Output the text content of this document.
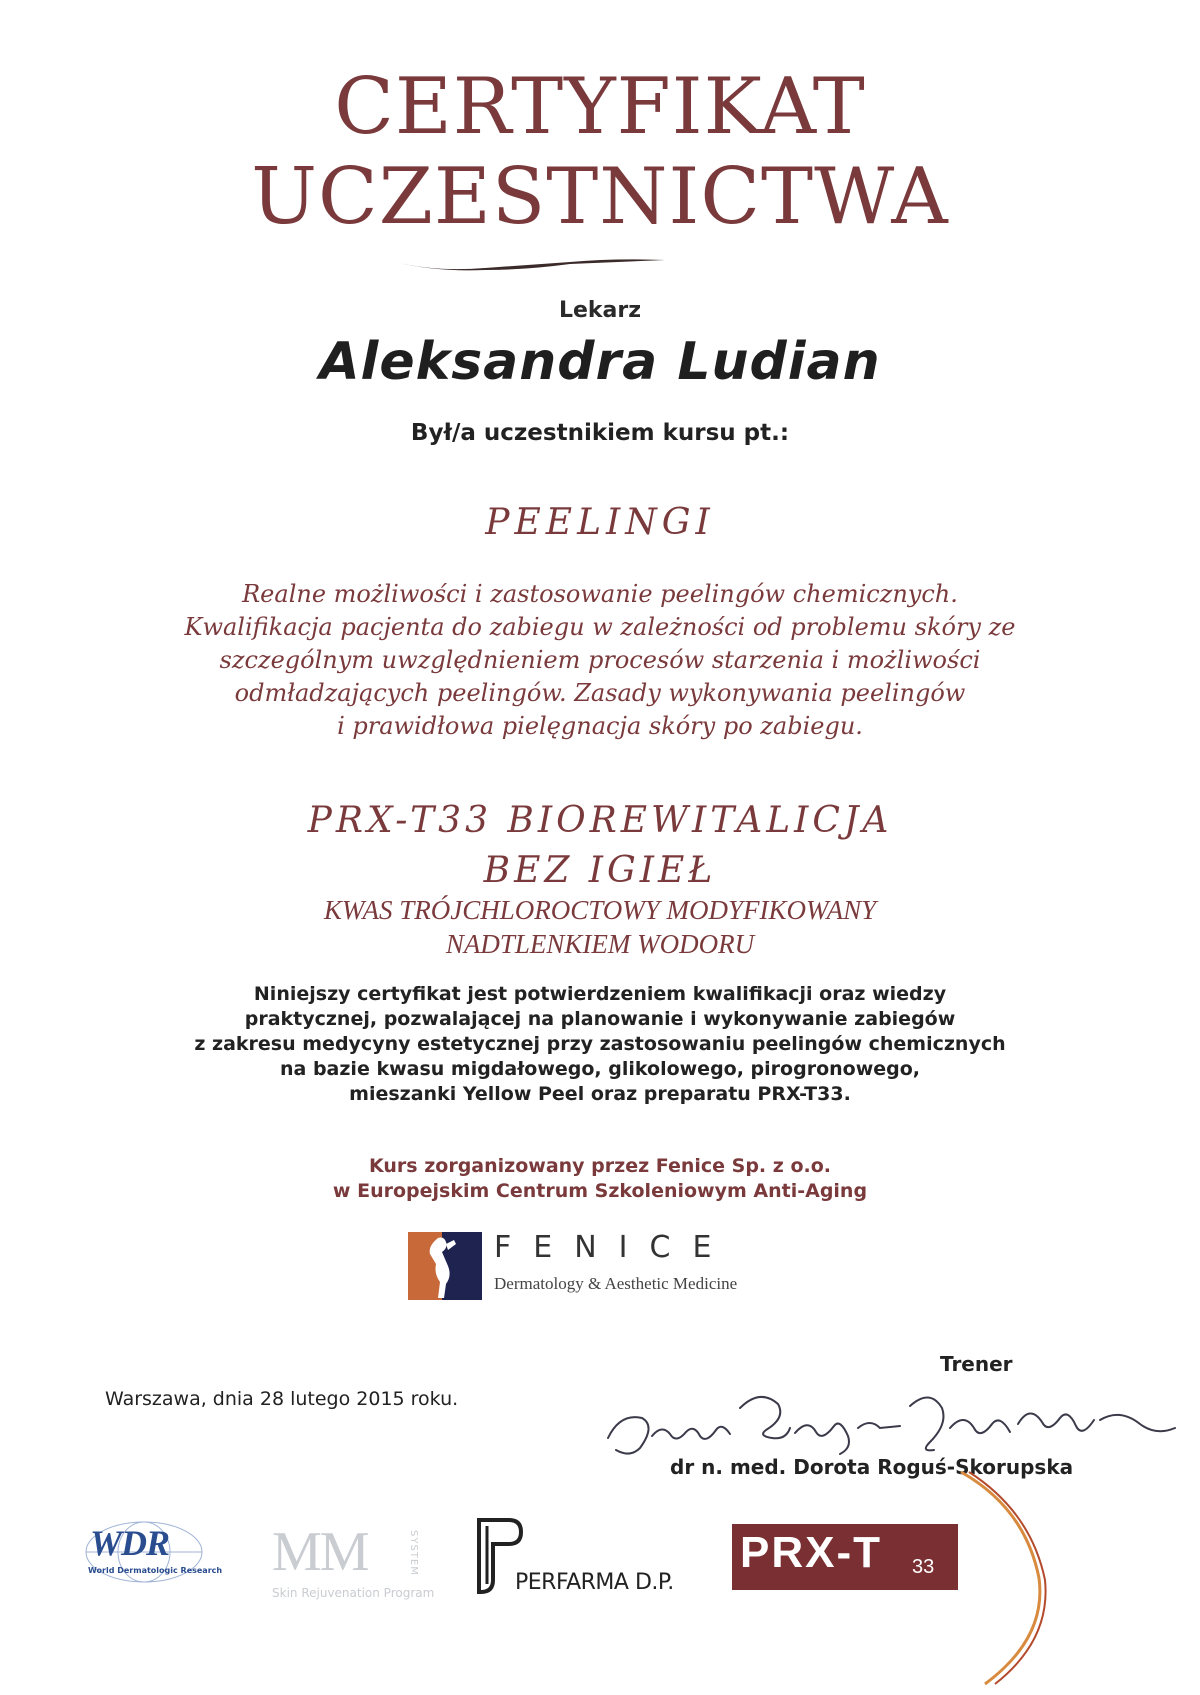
CERTYFIKAT
UCZESTNICTWA
Lekarz
Aleksandra Ludian
Był/a uczestnikiem kursu pt.:
PEELINGI
Realne możliwości i zastosowanie peelingów chemicznych.
Kwalifikacja pacjenta do zabiegu w zależności od problemu skóry ze
szczególnym uwzględnieniem procesów starzenia i możliwości
odmładzających peelingów. Zasady wykonywania peelingów
i prawidłowa pielęgnacja skóry po zabiegu.
PRX-T33 BIOREWITALICJA
BEZ IGIEŁ
KWAS TRÓJCHLOROCTOWY MODYFIKOWANY
NADTLENKIEM WODORU
Niniejszy certyfikat jest potwierdzeniem kwalifikacji oraz wiedzy
praktycznej, pozwalającej na planowanie i wykonywanie zabiegów
z zakresu medycyny estetycznej przy zastosowaniu peelingów chemicznych
na bazie kwasu migdałowego, glikolowego, pirogronowego,
mieszanki Yellow Peel oraz preparatu PRX-T33.
Kurs zorganizowany przez Fenice Sp. z o.o.
w Europejskim Centrum Szkoleniowym Anti-Aging
FENICE
Dermatology & Aesthetic Medicine
Trener
Warszawa, dnia 28 lutego 2015 roku.
dr n. med. Dorota Roguś-Skorupska
WDR
World Dermatologic Research MM	SYSTEM
Skin Rejuvenation Program	PERFARMA D.P.
PRX-T 33
